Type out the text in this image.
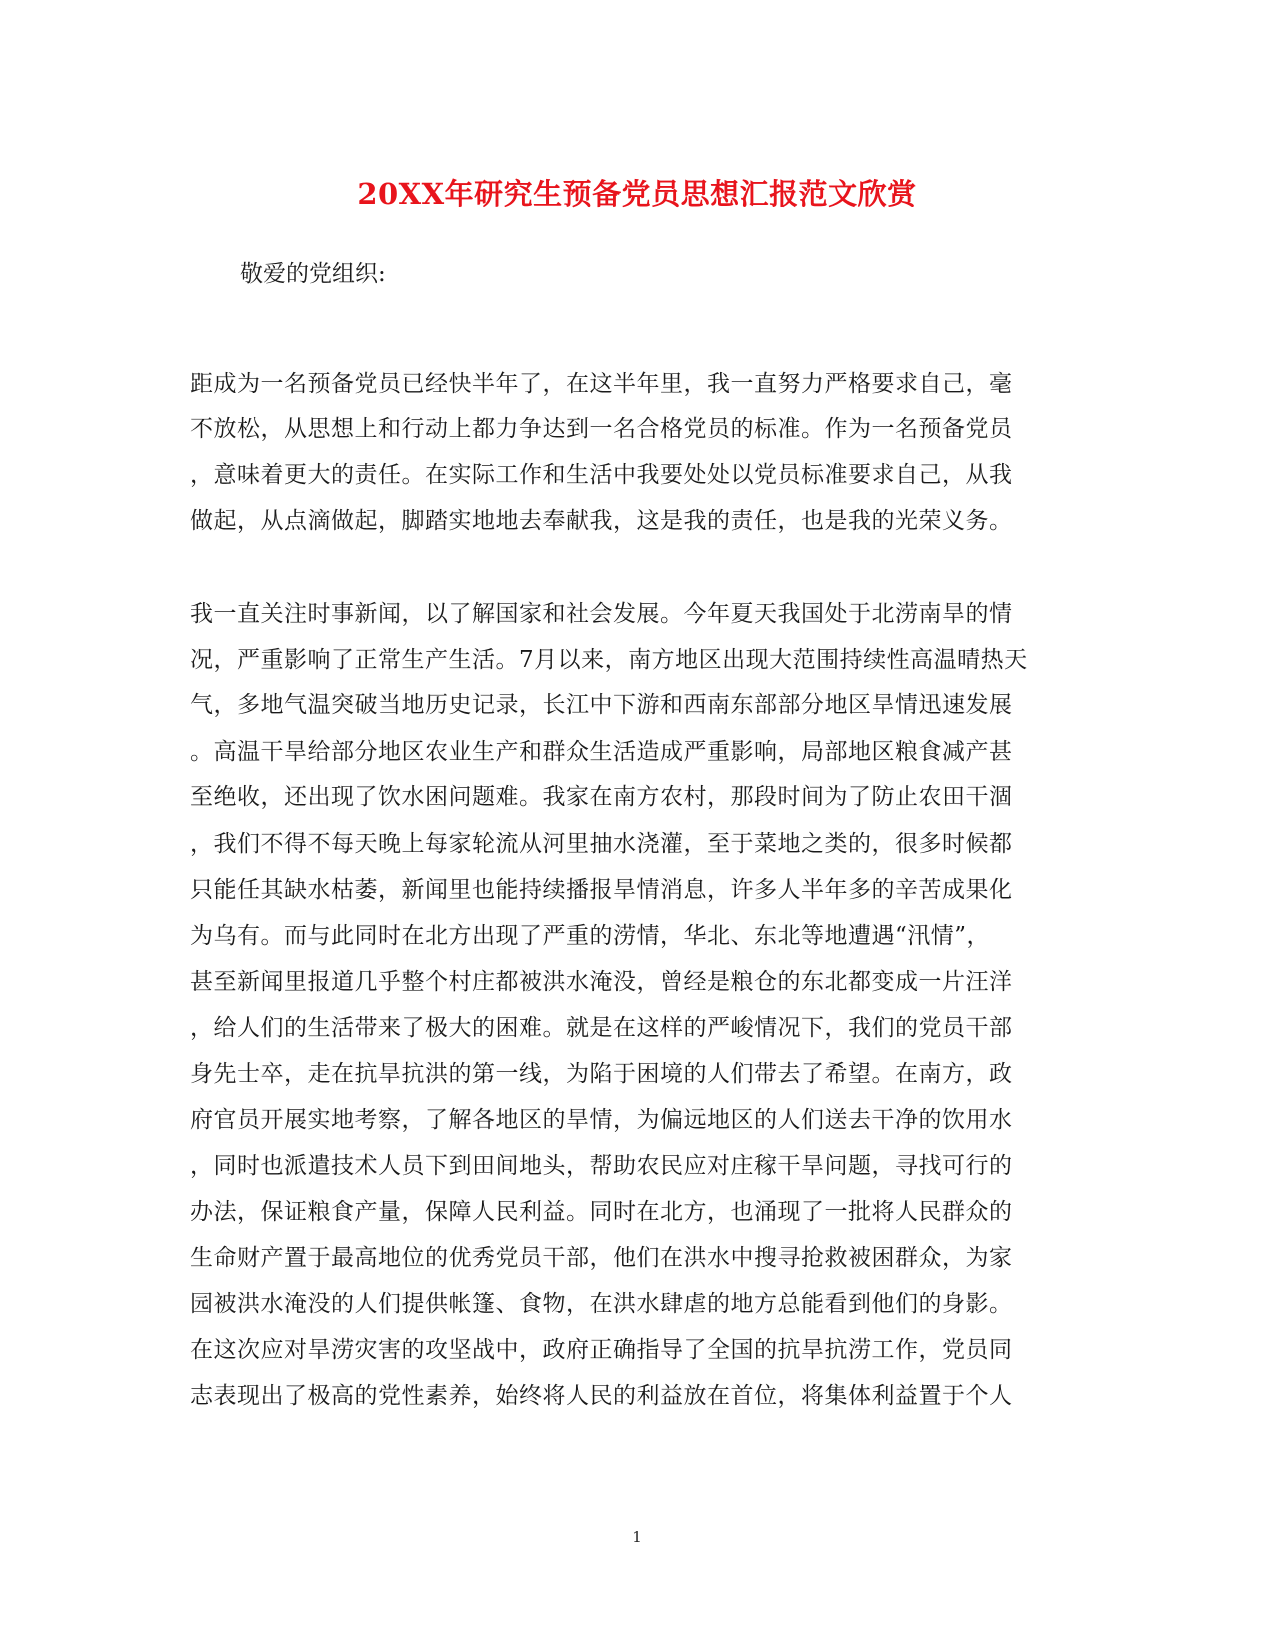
20XX年研究生预备党员思想汇报范文欣赏
敬爱的党组织:
距成为一名预备党员已经快半年了，在这半年里，我一直努力严格要求自己，毫
不放松，从思想上和行动上都力争达到一名合格党员的标准。作为一名预备党员
，意味着更大的责任。在实际工作和生活中我要处处以党员标准要求自己，从我
做起，从点滴做起，脚踏实地地去奉献我，这是我的责任，也是我的光荣义务。
我一直关注时事新闻，以了解国家和社会发展。今年夏天我国处于北涝南旱的情
况，严重影响了正常生产生活。7月以来，南方地区出现大范围持续性高温晴热天
气，多地气温突破当地历史记录，长江中下游和西南东部部分地区旱情迅速发展
。高温干旱给部分地区农业生产和群众生活造成严重影响，局部地区粮食减产甚
至绝收，还出现了饮水困问题难。我家在南方农村，那段时间为了防止农田干涸
，我们不得不每天晚上每家轮流从河里抽水浇灌，至于菜地之类的，很多时候都
只能任其缺水枯萎，新闻里也能持续播报旱情消息，许多人半年多的辛苦成果化
为乌有。而与此同时在北方出现了严重的涝情，华北、东北等地遭遇“汛情”，
甚至新闻里报道几乎整个村庄都被洪水淹没，曾经是粮仓的东北都变成一片汪洋
，给人们的生活带来了极大的困难。就是在这样的严峻情况下，我们的党员干部
身先士卒，走在抗旱抗洪的第一线，为陷于困境的人们带去了希望。在南方，政
府官员开展实地考察，了解各地区的旱情，为偏远地区的人们送去干净的饮用水
，同时也派遣技术人员下到田间地头，帮助农民应对庄稼干旱问题，寻找可行的
办法，保证粮食产量，保障人民利益。同时在北方，也涌现了一批将人民群众的
生命财产置于最高地位的优秀党员干部，他们在洪水中搜寻抢救被困群众，为家
园被洪水淹没的人们提供帐篷、食物，在洪水肆虐的地方总能看到他们的身影。
在这次应对旱涝灾害的攻坚战中，政府正确指导了全国的抗旱抗涝工作，党员同
志表现出了极高的党性素养，始终将人民的利益放在首位，将集体利益置于个人
1
